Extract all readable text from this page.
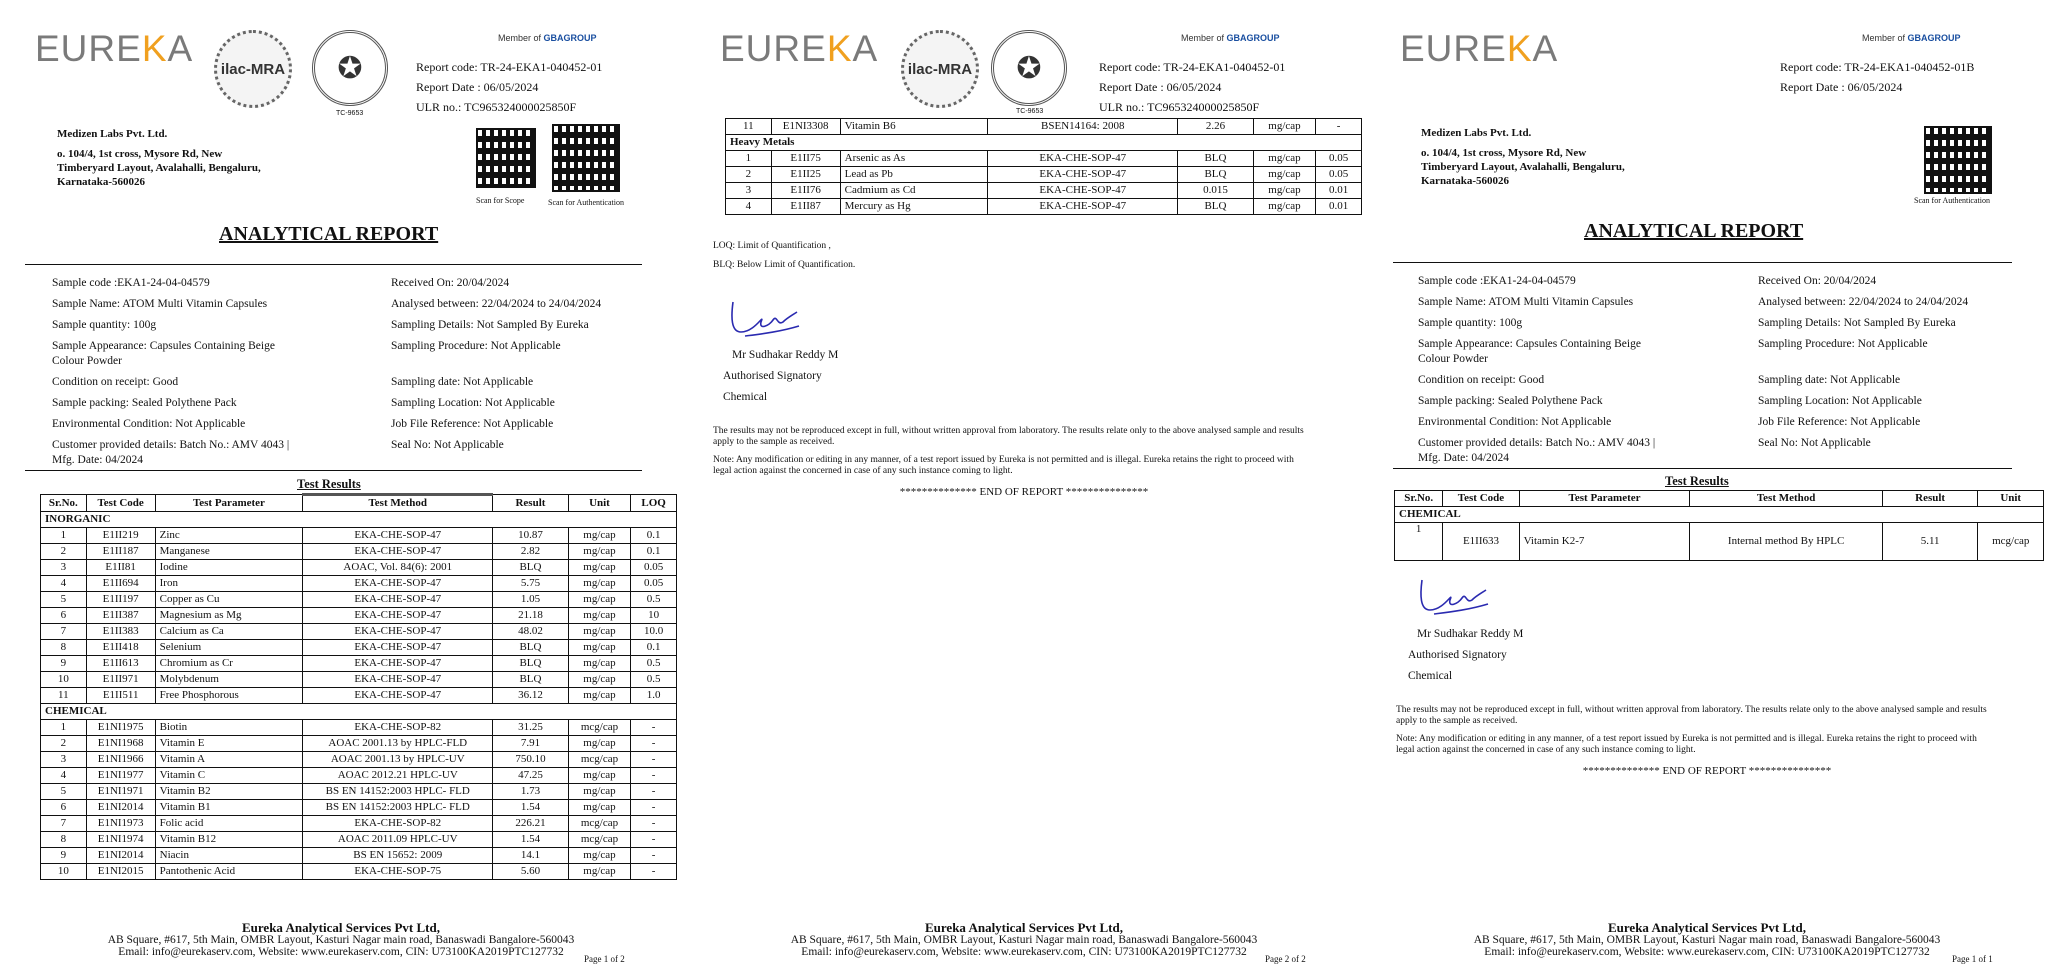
EUREKA	ilac-MRA	✪
TC-9653
Member of GBAGROUP
Report code: TR-24-EKA1-040452-01
Report Date : 06/05/2024
ULR no.: TC965324000025850F
Medizen Labs Pvt. Ltd.
o. 104/4, 1st cross, Mysore Rd, New
Timberyard Layout, Avalahalli, Bengaluru,
Karnataka-560026
Scan for Scope	Scan for Authentication
ANALYTICAL REPORT
Sample code :EKA1-24-04-04579
Sample Name: ATOM Multi Vitamin Capsules
Sample quantity: 100g
Sample Appearance: Capsules Containing Beige
Colour Powder
Condition on receipt: Good
Sample packing: Sealed Polythene Pack
Environmental Condition: Not Applicable
Customer provided details: Batch No.: AMV 4043 |
Mfg. Date: 04/2024
Received On: 20/04/2024
Analysed between: 22/04/2024 to 24/04/2024
Sampling Details: Not Sampled By Eureka
Sampling Procedure: Not Applicable
Sampling date: Not Applicable
Sampling Location: Not Applicable
Job File Reference: Not Applicable
Seal No: Not Applicable
Test Results
Sr.No.	Test Code	Test Parameter	Test Method	Result	Unit	LOQ
INORGANIC						
1	E1II219	Zinc	EKA-CHE-SOP-47	10.87	mg/cap	0.1
2	E1II187	Manganese	EKA-CHE-SOP-47	2.82	mg/cap	0.1
3	E1II81	Iodine	AOAC, Vol. 84(6): 2001	BLQ	mg/cap	0.05
4	E1II694	Iron	EKA-CHE-SOP-47	5.75	mg/cap	0.05
5	E1II197	Copper as Cu	EKA-CHE-SOP-47	1.05	mg/cap	0.5
6	E1II387	Magnesium as Mg	EKA-CHE-SOP-47	21.18	mg/cap	10
7	E1II383	Calcium as Ca	EKA-CHE-SOP-47	48.02	mg/cap	10.0
8	E1II418	Selenium	EKA-CHE-SOP-47	BLQ	mg/cap	0.1
9	E1II613	Chromium as Cr	EKA-CHE-SOP-47	BLQ	mg/cap	0.5
10	E1II971	Molybdenum	EKA-CHE-SOP-47	BLQ	mg/cap	0.5
11	E1II511	Free Phosphorous	EKA-CHE-SOP-47	36.12	mg/cap	1.0
CHEMICAL						
1	E1NI1975	Biotin	EKA-CHE-SOP-82	31.25	mcg/cap	-
2	E1NI1968	Vitamin E	AOAC 2001.13 by HPLC-FLD	7.91	mg/cap	-
3	E1NI1966	Vitamin A	AOAC 2001.13 by HPLC-UV	750.10	mcg/cap	-
4	E1NI1977	Vitamin C	AOAC 2012.21 HPLC-UV	47.25	mg/cap	-
5	E1NI1971	Vitamin B2	BS EN 14152:2003 HPLC- FLD	1.73	mg/cap	-
6	E1NI2014	Vitamin B1	BS EN 14152:2003 HPLC- FLD	1.54	mg/cap	-
7	E1NI1973	Folic acid	EKA-CHE-SOP-82	226.21	mcg/cap	-
8	E1NI1974	Vitamin B12	AOAC 2011.09 HPLC-UV	1.54	mcg/cap	-
9	E1NI2014	Niacin	BS EN 15652: 2009	14.1	mg/cap	-
10	E1NI2015	Pantothenic Acid	EKA-CHE-SOP-75	5.60	mg/cap	-
Eureka Analytical Services Pvt Ltd,
AB Square, #617, 5th Main, OMBR Layout, Kasturi Nagar main road, Banaswadi Bangalore-560043
Email: info@eurekaserv.com, Website: www.eurekaserv.com, CIN: U73100KA2019PTC127732
Page 1 of 2
EUREKA	ilac-MRA	✪
TC-9653
Member of GBAGROUP
Report code: TR-24-EKA1-040452-01
Report Date : 06/05/2024
ULR no.: TC965324000025850F
11	E1NI3308	Vitamin B6	BSEN14164: 2008	2.26	mg/cap	-
Heavy Metals						
1	E1II75	Arsenic as As	EKA-CHE-SOP-47	BLQ	mg/cap	0.05
2	E1II25	Lead as Pb	EKA-CHE-SOP-47	BLQ	mg/cap	0.05
3	E1II76	Cadmium as Cd	EKA-CHE-SOP-47	0.015	mg/cap	0.01
4	E1II87	Mercury as Hg	EKA-CHE-SOP-47	BLQ	mg/cap	0.01
LOQ: Limit of Quantification ,
BLQ: Below Limit of Quantification.
Mr Sudhakar Reddy M
Authorised Signatory
Chemical
The results may not be reproduced except in full, without written approval from laboratory. The results relate only to the above analysed sample and results apply to the sample as received.
Note: Any modification or editing in any manner, of a test report issued by Eureka is not permitted and is illegal. Eureka retains the right to proceed with legal action against the concerned in case of any such instance coming to light.
************** END OF REPORT ***************
Eureka Analytical Services Pvt Ltd,
AB Square, #617, 5th Main, OMBR Layout, Kasturi Nagar main road, Banaswadi Bangalore-560043
Email: info@eurekaserv.com, Website: www.eurekaserv.com, CIN: U73100KA2019PTC127732
Page 2 of 2
EUREKA	Member of GBAGROUP
Report code: TR-24-EKA1-040452-01B
Report Date : 06/05/2024
Medizen Labs Pvt. Ltd.
o. 104/4, 1st cross, Mysore Rd, New
Timberyard Layout, Avalahalli, Bengaluru,
Karnataka-560026
Scan for Authentication
ANALYTICAL REPORT
Sample code :EKA1-24-04-04579
Sample Name: ATOM Multi Vitamin Capsules
Sample quantity: 100g
Sample Appearance: Capsules Containing Beige
Colour Powder
Condition on receipt: Good
Sample packing: Sealed Polythene Pack
Environmental Condition: Not Applicable
Customer provided details: Batch No.: AMV 4043 |
Mfg. Date: 04/2024
Received On: 20/04/2024
Analysed between: 22/04/2024 to 24/04/2024
Sampling Details: Not Sampled By Eureka
Sampling Procedure: Not Applicable
Sampling date: Not Applicable
Sampling Location: Not Applicable
Job File Reference: Not Applicable
Seal No: Not Applicable
Test Results
Sr.No.	Test Code	Test Parameter	Test Method	Result	Unit
CHEMICAL					
1	E1II633	Vitamin K2-7	Internal method By HPLC	5.11	mcg/cap
Mr Sudhakar Reddy M
Authorised Signatory
Chemical
The results may not be reproduced except in full, without written approval from laboratory. The results relate only to the above analysed sample and results apply to the sample as received.
Note: Any modification or editing in any manner, of a test report issued by Eureka is not permitted and is illegal. Eureka retains the right to proceed with legal action against the concerned in case of any such instance coming to light.
************** END OF REPORT ***************
Eureka Analytical Services Pvt Ltd,
AB Square, #617, 5th Main, OMBR Layout, Kasturi Nagar main road, Banaswadi Bangalore-560043
Email: info@eurekaserv.com, Website: www.eurekaserv.com, CIN: U73100KA2019PTC127732
Page 1 of 1
